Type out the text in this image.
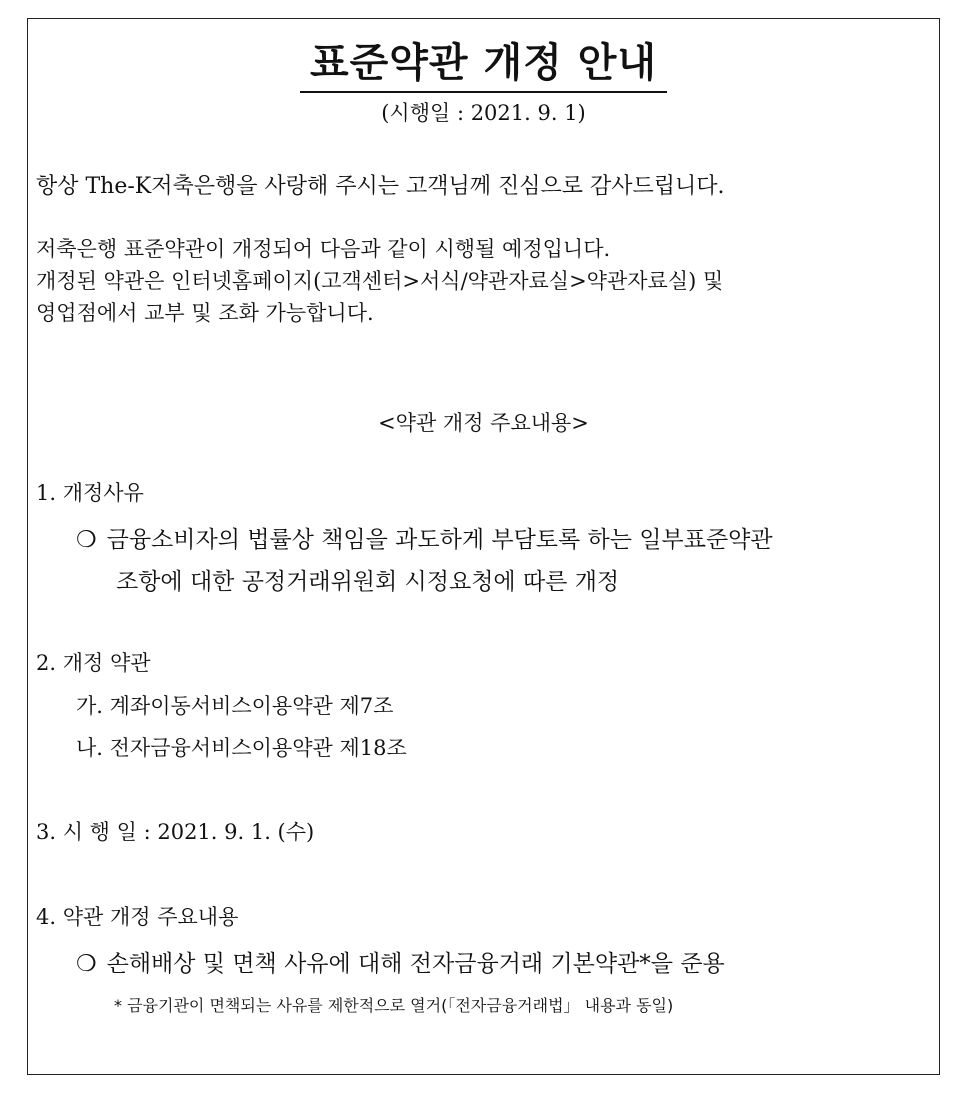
표준약관 개정 안내
(시행일 : 2021. 9. 1)
항상 The-K저축은행을 사랑해 주시는 고객님께 진심으로 감사드립니다.
저축은행 표준약관이 개정되어 다음과 같이 시행될 예정입니다.
개정된 약관은 인터넷홈페이지(고객센터>서식/약관자료실>약관자료실) 및
영업점에서 교부 및 조화 가능합니다.
<약관 개정 주요내용>
1. 개정사유
❍ 금융소비자의 법률상 책임을 과도하게 부담토록 하는 일부표준약관
조항에 대한 공정거래위원회 시정요청에 따른 개정
2. 개정 약관
가. 계좌이동서비스이용약관 제7조
나. 전자금융서비스이용약관 제18조
3. 시 행 일 : 2021. 9. 1. (수)
4. 약관 개정 주요내용
❍ 손해배상 및 면책 사유에 대해 전자금융거래 기본약관*을 준용
* 금융기관이 면책되는 사유를 제한적으로 열거(「전자금융거래법」 내용과 동일)
